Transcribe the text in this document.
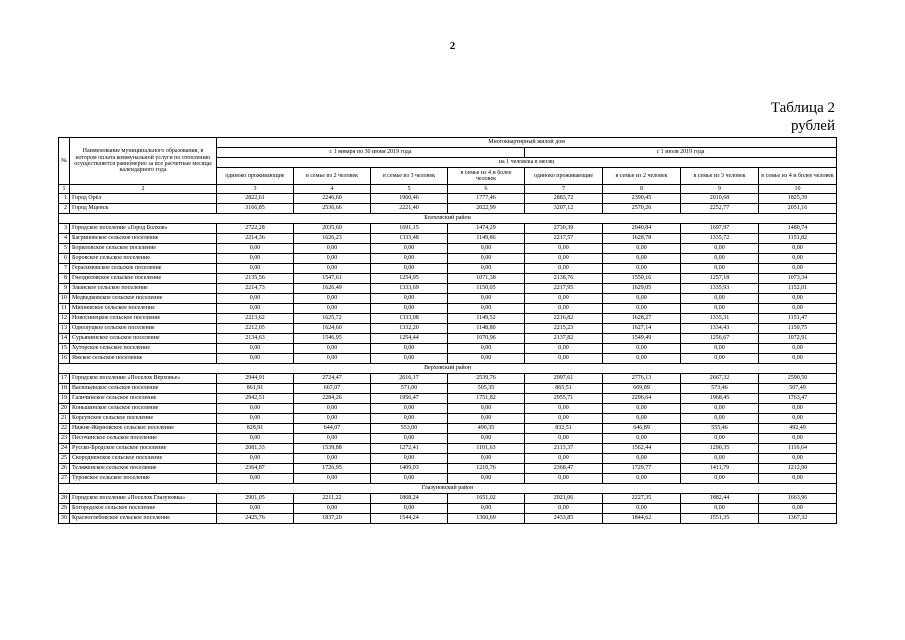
2
Таблица 2
рублей
№	Наименование муниципального образования, в котором оплата коммунальной услуги по отоплению осуществляется равномерно за все расчетные месяцы календарного года	Многоквартирный жилой дом							
		с 1 января по 30 июня 2019 года				с 1 июля 2019 года			
		на 1 человека в месяц							
		одиноко проживающие	в семье из 2 человек	в семье из 3 человек	в семье из 4 и более человек	одиноко проживающие	в семье из 2 человек	в семье из 3 человек	в семье из 4 и более человек
1	2	3	4	5	6	7	8	9	10
1	Город Орёл	2822,61	2246,60	1960,46	1777,46	2883,72	2390,45	2010,68	1825,39
2	Город Мценск	3166,85	2536,66	2221,40	2022,99	3207,12	2570,26	2252,77	2051,16
Болховский район									
3	Городское поселение «Город Болхов»	2722,28	2035,60	1691,15	1474,29	2730,39	2040,84	1697,97	1480,74
4	Багриновское сельское поселение	2214,36	1626,23	1333,48	1149,86	2217,57	1628,78	1335,72	1151,82
5	Бориловское сельское поселение	0,00	0,00	0,00	0,00	0,00	0,00	0,00	0,00
6	Боровское сельское поселение	0,00	0,00	0,00	0,00	0,00	0,00	0,00	0,00
7	Герасимовское сельское поселение	0,00	0,00	0,00	0,00	0,00	0,00	0,00	0,00
8	Гнездиловское сельское поселение	2135,56	1547,61	1254,95	1071,38	2138,76	1550,16	1257,18	1073,34
9	Злынское сельское поселение	2214,73	1626,49	1333,69	1150,05	2217,95	1629,05	1335,93	1152,01
10	Медведковское сельское поселение	0,00	0,00	0,00	0,00	0,00	0,00	0,00	0,00
11	Михневское сельское поселение	0,00	0,00	0,00	0,00	0,00	0,00	0,00	0,00
12	Новосинецкое сельское поселение	2213,62	1625,72	1333,08	1149,52	2216,82	1628,27	1335,31	1151,47
13	Однолуцкое сельское поселение	2212,05	1624,60	1332,20	1148,80	2215,23	1627,14	1334,43	1150,75
14	Сурьянинское сельское поселение	2134,63	1546,95	1254,44	1070,96	2137,82	1549,49	1256,67	1072,91
15	Хуторское сельское поселение	0,00	0,00	0,00	0,00	0,00	0,00	0,00	0,00
16	Ямское сельское поселение	0,00	0,00	0,00	0,00	0,00	0,00	0,00	0,00
Верховский район									
17	Городское поселение «Поселок Верховье»	2944,91	2724,47	2616,17	2539,76	2997,61	2776,13	2667,32	2590,50
18	Васильевское сельское поселение	861,91	667,07	571,00	505,35	865,51	669,89	573,46	507,49
19	Галичинское сельское поселение	2942,51	2284,26	1956,47	1751,82	2955,71	2296,64	1968,45	1763,47
20	Коньшинское сельское поселение	0,00	0,00	0,00	0,00	0,00	0,00	0,00	0,00
21	Корсунское сельское поселение	0,00	0,00	0,00	0,00	0,00	0,00	0,00	0,00
22	Нижне-Жерновское сельское поселение	828,91	644,07	553,00	490,35	832,51	646,89	555,46	492,49
23	Песочинское сельское поселение	0,00	0,00	0,00	0,00	0,00	0,00	0,00	0,00
24	Русско-Бродское сельское поселение	2081,33	1539,88	1272,41	1101,63	2113,37	1562,44	1290,35	1116,64
25	Скородненское сельское поселение	0,00	0,00	0,00	0,00	0,00	0,00	0,00	0,00
26	Теляженское сельское поселение	2364,87	1726,95	1409,03	1210,76	2368,47	1729,77	1411,79	1212,90
27	Туровское сельское поселение	0,00	0,00	0,00	0,00	0,00	0,00	0,00	0,00
Глазуновский район									
28	Городское поселение «Поселок Глазуновка»	2901,05	2211,22	1868,24	1651,02	2921,06	2227,35	1882,44	1663,96
29	Богородское сельское поселение	0,00	0,00	0,00	0,00	0,00	0,00	0,00	0,00
30	Красноглебовское сельское поселение	2425,76	1837,20	1544,24	1360,69	2433,85	1844,62	1551,35	1367,32
